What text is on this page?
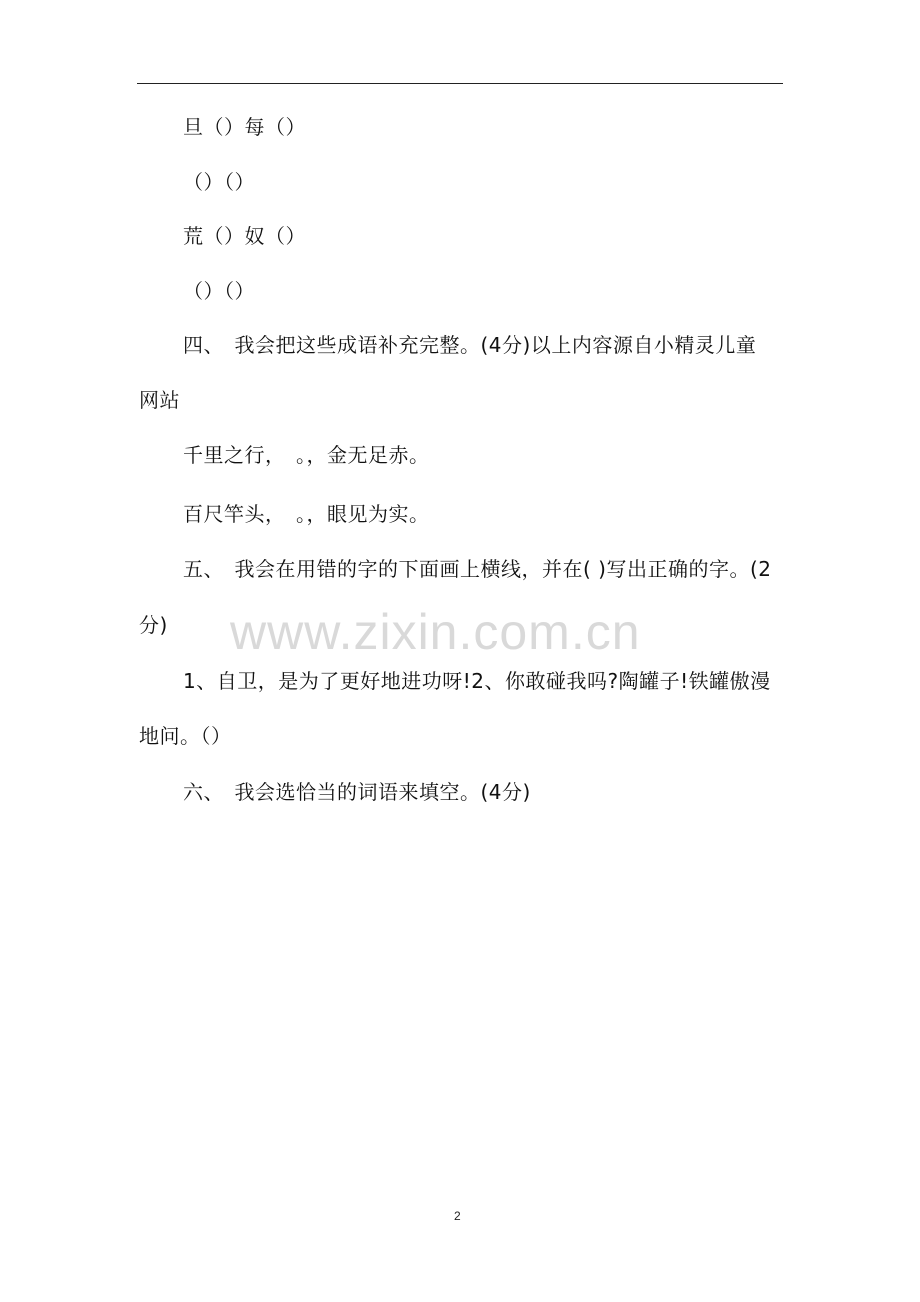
旦（）每（）
（）（）
荒（）奴（）
（）（）
四、　我会把这些成语补充完整。(4分)以上内容源自小精灵儿童
网站
千里之行，　。，金无足赤。
百尺竿头，　。，眼见为实。
五、　我会在用错的字的下面画上横线，并在( )写出正确的字。(2
分)
1、自卫，是为了更好地进功呀!2、你敢碰我吗?陶罐子!铁罐傲漫
地问。（）
六、　我会选恰当的词语来填空。(4分)
www.zixin.com.cn
2
